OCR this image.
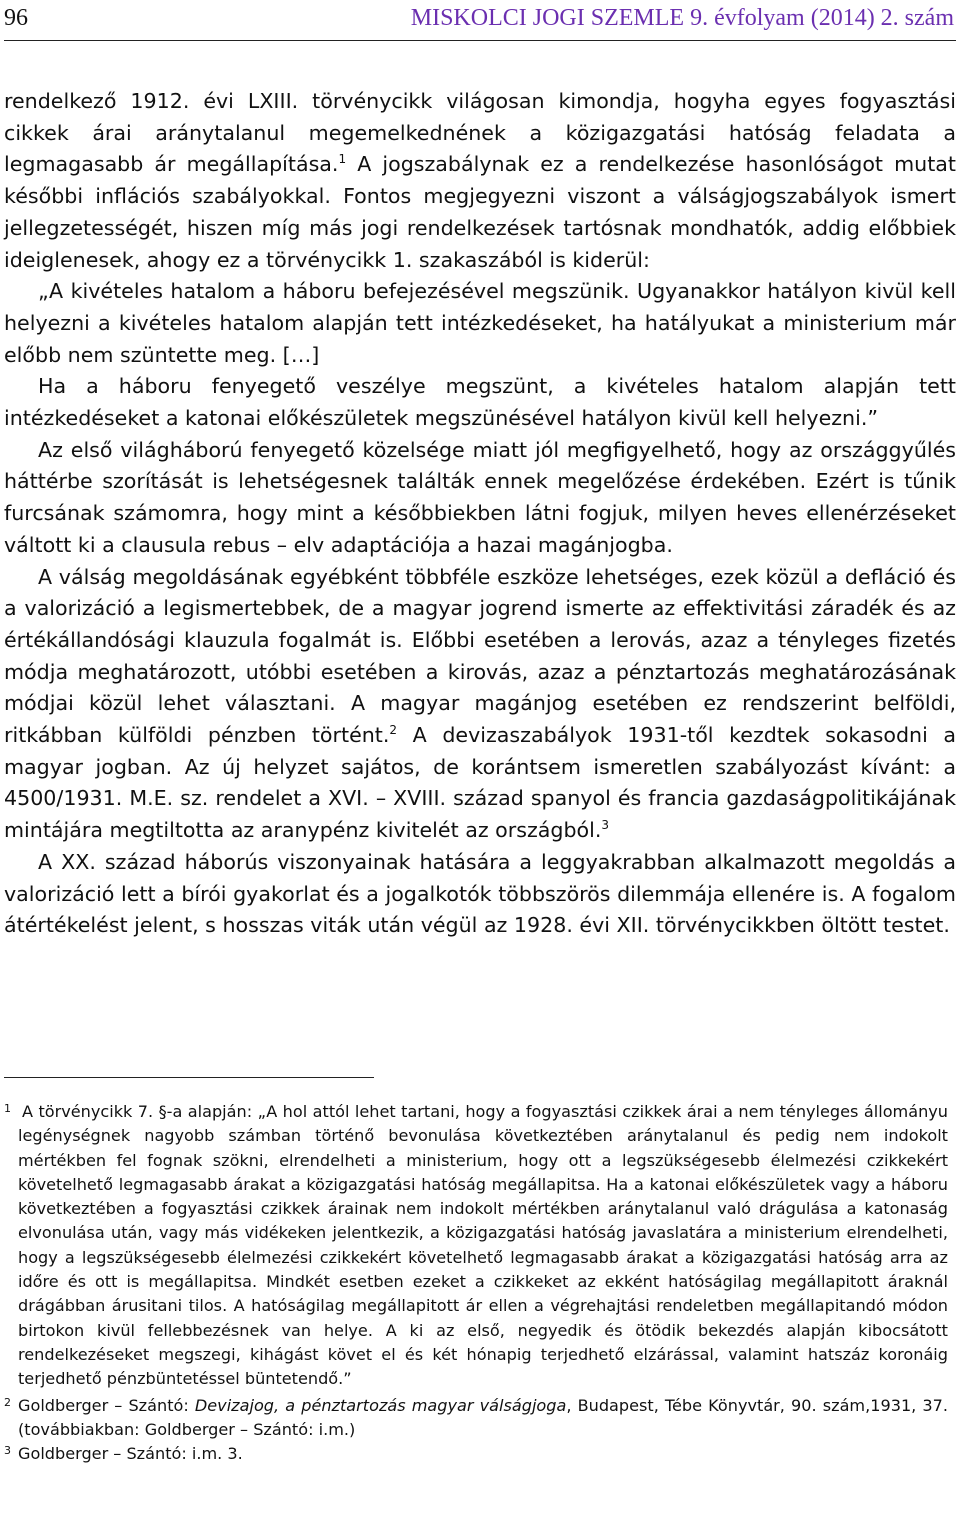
96	MISKOLCI JOGI SZEMLE 9. évfolyam (2014) 2. szám

rendelkező 1912. évi LXIII. törvénycikk világosan kimondja, hogyha egyes fogyasztási cikkek árai aránytalanul megemelkednének a közigazgatási hatóság feladata a legmagasabb ár megállapítása.$^1$ A jogszabálynak ez a rendelkezése hasonlóságot mutat későbbi inflációs szabályokkal. Fontos megjegyezni viszont a válságjogszabályok ismert jellegzetességét, hiszen míg más jogi rendelkezések tartósnak mondhatók, addig előbbiek ideiglenesek, ahogy ez a törvénycikk 1. szakaszából is kiderül:

„A kivételes hatalom a háboru befejezésével megszünik. Ugyanakkor hatályon kivül kell helyezni a kivételes hatalom alapján tett intézkedéseket, ha hatályukat a ministerium már előbb nem szüntette meg. […]

Ha a háboru fenyegető veszélye megszünt, a kivételes hatalom alapján tett intézkedéseket a katonai előkészületek megszünésével hatályon kivül kell helyezni.”

Az első világháború fenyegető közelsége miatt jól megfigyelhető, hogy az országgyűlés háttérbe szorítását is lehetségesnek találták ennek megelőzése érdekében. Ezért is tűnik furcsának számomra, hogy mint a későbbiekben látni fogjuk, milyen heves ellenérzéseket váltott ki a clausula rebus – elv adaptációja a hazai magánjogba.

A válság megoldásának egyébként többféle eszköze lehetséges, ezek közül a defláció és a valorizáció a legismertebbek, de a magyar jogrend ismerte az effektivitási záradék és az értékállandósági klauzula fogalmát is. Előbbi esetében a lerovás, azaz a tényleges fizetés módja meghatározott, utóbbi esetében a kirovás, azaz a pénztartozás meghatározásának módjai közül lehet választani. A magyar magánjog esetében ez rendszerint belföldi, ritkábban külföldi pénzben történt.$^2$ A devizaszabályok 1931-től kezdtek sokasodni a magyar jogban. Az új helyzet sajátos, de korántsem ismeretlen szabályozást kívánt: a 4500/1931. M.E. sz. rendelet a XVI. – XVIII. század spanyol és francia gazdaságpolitikájának mintájára megtiltotta az aranypénz kivitelét az országból.$^3$

A XX. század háborús viszonyainak hatására a leggyakrabban alkalmazott megoldás a valorizáció lett a bírói gyakorlat és a jogalkotók többszörös dilemmája ellenére is. A fogalom átértékelést jelent, s hosszas viták után végül az 1928. évi XII. törvénycikkben öltött testet.

1 A törvénycikk 7. §-a alapján: „A hol attól lehet tartani, hogy a fogyasztási czikkek árai a nem tényleges állományu legénységnek nagyobb számban történő bevonulása következtében aránytalanul és pedig nem indokolt mértékben fel fognak szökni, elrendelheti a ministerium, hogy ott a legszükségesebb élelmezési czikkekért követelhető legmagasabb árakat a közigazgatási hatóság megállapitsa. Ha a katonai előkészületek vagy a háboru következtében a fogyasztási czikkek árainak nem indokolt mértékben aránytalanul való drágulása a katonaság elvonulása után, vagy más vidékeken jelentkezik, a közigazgatási hatóság javaslatára a ministerium elrendelheti, hogy a legszükségesebb élelmezési czikkekért követelhető legmagasabb árakat a közigazgatási hatóság arra az időre és ott is megállapitsa. Mindkét esetben ezeket a czikkeket az ekként hatóságilag megállapitott áraknál drágábban árusitani tilos. A hatóságilag megállapitott ár ellen a végrehajtási rendeletben megállapitandó módon birtokon kivül fellebbezésnek van helye. A ki az első, negyedik és ötödik bekezdés alapján kibocsátott rendelkezéseket megszegi, kihágást követ el és két hónapig terjedhető elzárással, valamint hatszáz koronáig terjedhető pénzbüntetéssel büntetendő.”

2 Goldberger – Szántó: Devizajog, a pénztartozás magyar válságjoga, Budapest, Tébe Könyvtár, 90. szám,1931, 37. (továbbiakban: Goldberger – Szántó: i.m.)

3 Goldberger – Szántó: i.m. 3.
